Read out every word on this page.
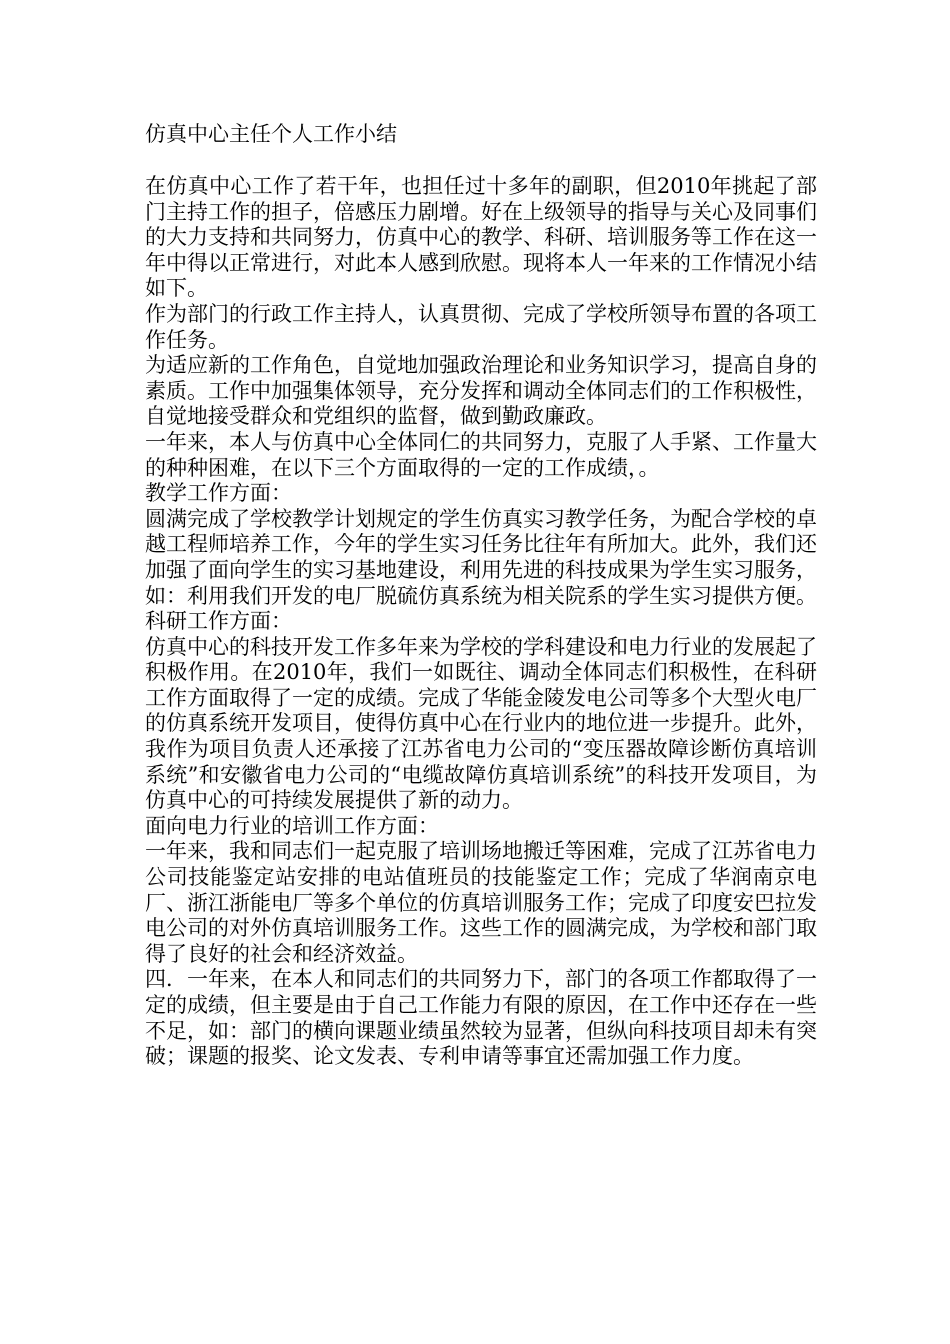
仿真中心主任个人工作小结

在仿真中心工作了若干年，也担任过十多年的副职，但2010年挑起了部门主持工作的担子，倍感压力剧增。好在上级领导的指导与关心及同事们的大力支持和共同努力，仿真中心的教学、科研、培训服务等工作在这一年中得以正常进行，对此本人感到欣慰。现将本人一年来的工作情况小结如下。

作为部门的行政工作主持人，认真贯彻、完成了学校所领导布置的各项工作任务。

为适应新的工作角色，自觉地加强政治理论和业务知识学习，提高自身的素质。工作中加强集体领导，充分发挥和调动全体同志们的工作积极性，自觉地接受群众和党组织的监督，做到勤政廉政。

一年来，本人与仿真中心全体同仁的共同努力，克服了人手紧、工作量大的种种困难，在以下三个方面取得的一定的工作成绩，。

教学工作方面：

圆满完成了学校教学计划规定的学生仿真实习教学任务，为配合学校的卓越工程师培养工作，今年的学生实习任务比往年有所加大。此外，我们还加强了面向学生的实习基地建设，利用先进的科技成果为学生实习服务，如：利用我们开发的电厂脱硫仿真系统为相关院系的学生实习提供方便。

科研工作方面：

仿真中心的科技开发工作多年来为学校的学科建设和电力行业的发展起了积极作用。在2010年，我们一如既往、调动全体同志们积极性，在科研工作方面取得了一定的成绩。完成了华能金陵发电公司等多个大型火电厂的仿真系统开发项目，使得仿真中心在行业内的地位进一步提升。此外，我作为项目负责人还承接了江苏省电力公司的“变压器故障诊断仿真培训系统”和安徽省电力公司的“电缆故障仿真培训系统”的科技开发项目，为仿真中心的可持续发展提供了新的动力。

面向电力行业的培训工作方面：

一年来，我和同志们一起克服了培训场地搬迁等困难，完成了江苏省电力公司技能鉴定站安排的电站值班员的技能鉴定工作；完成了华润南京电厂、浙江浙能电厂等多个单位的仿真培训服务工作；完成了印度安巴拉发电公司的对外仿真培训服务工作。这些工作的圆满完成，为学校和部门取得了良好的社会和经济效益。

四．一年来，在本人和同志们的共同努力下，部门的各项工作都取得了一定的成绩，但主要是由于自己工作能力有限的原因，在工作中还存在一些不足，如：部门的横向课题业绩虽然较为显著，但纵向科技项目却未有突破；课题的报奖、论文发表、专利申请等事宜还需加强工作力度。
